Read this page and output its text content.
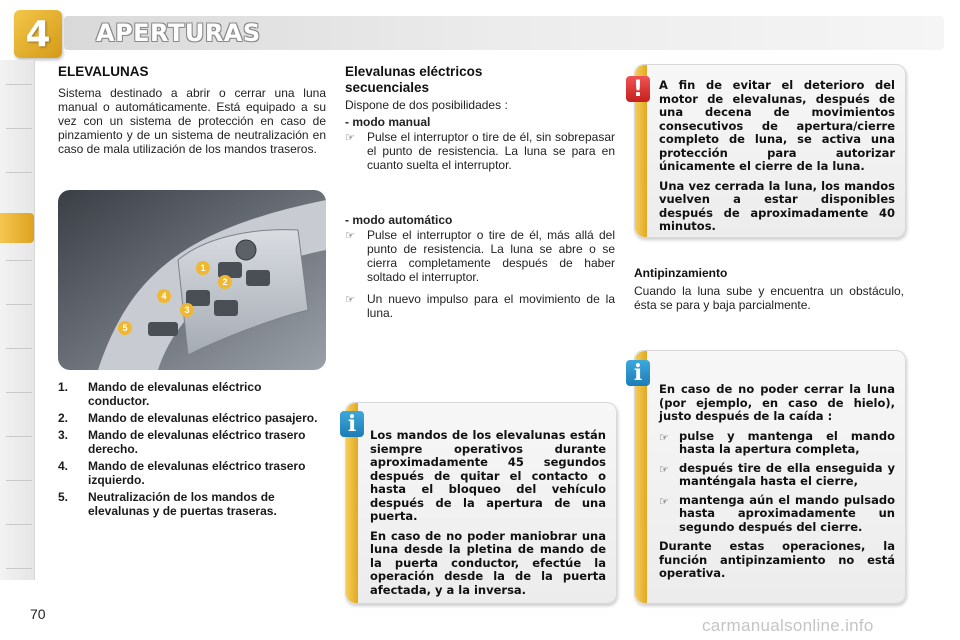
4	APERTURAS
ELEVALUNAS
Sistema destinado a abrir o cerrar una luna manual o automáticamente. Está equipado a su vez con un sistema de protección en caso de pinzamiento y de un sistema de neutralización en caso de mala utilización de los mandos traseros.
1
2
3
4
5
1.	Mando de elevalunas eléctrico conductor.
2.	Mando de elevalunas eléctrico pasajero.
3.	Mando de elevalunas eléctrico trasero derecho.
4.	Mando de elevalunas eléctrico trasero izquierdo.
5.	Neutralización de los mandos de elevalunas y de puertas traseras.
Elevalunas eléctricos secuenciales
Dispone de dos posibilidades :
- modo manual
☞	Pulse el interruptor o tire de él, sin sobrepasar el punto de resistencia. La luna se para en cuanto suelta el interruptor.
- modo automático
☞	Pulse el interruptor o tire de él, más allá del punto de resistencia. La luna se abre o se cierra completamente después de haber soltado el interruptor.
☞	Un nuevo impulso para el movimiento de la luna.

Los mandos de los elevalunas están siempre operativos durante aproximadamente 45 segundos después de quitar el contacto o hasta el bloqueo del vehículo después de la apertura de una puerta.

En caso de no poder maniobrar una luna desde la pletina de mando de la puerta conductor, efectúe la operación desde la de la puerta afectada, y a la inversa.

i

A fin de evitar el deterioro del motor de elevalunas, después de una decena de movimientos consecutivos de apertura/cierre completo de luna, se activa una protección para autorizar únicamente el cierre de la luna.

Una vez cerrada la luna, los mandos vuelven a estar disponibles después de aproximadamente 40 minutos.

!
Antipinzamiento
Cuando la luna sube y encuentra un obstáculo, ésta se para y baja parcialmente.

En caso de no poder cerrar la luna (por ejemplo, en caso de hielo), justo después de la caída :

☞ pulse y mantenga el mando hasta la apertura completa,
☞ después tire de ella enseguida y manténgala hasta el cierre,
☞ mantenga aún el mando pulsado hasta aproximadamente un segundo después del cierre.

Durante estas operaciones, la función antipinzamiento no está operativa.

i
70
carmanualsonline.info
